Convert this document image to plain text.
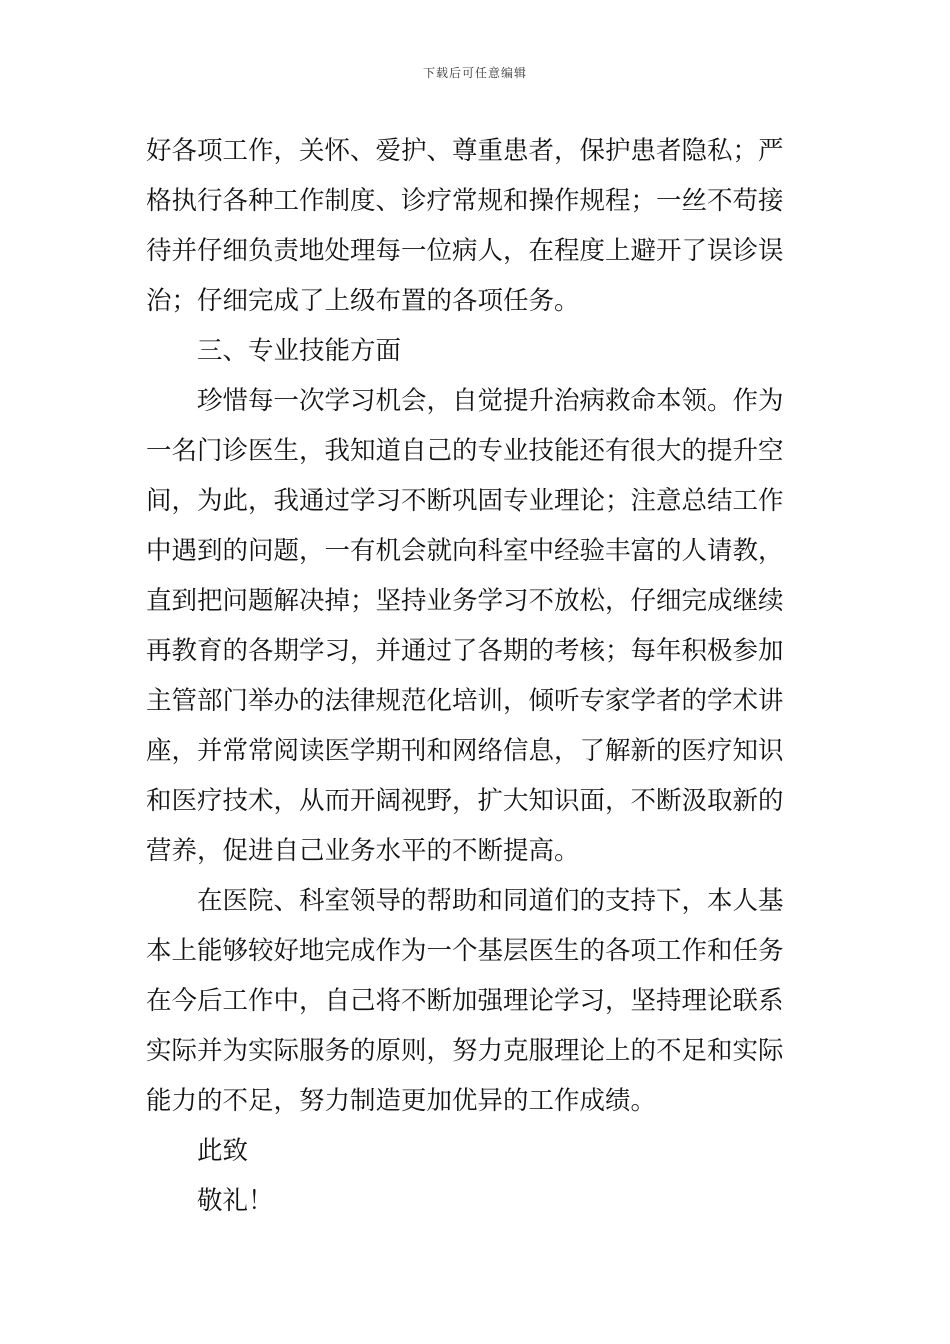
下载后可任意编辑
好各项工作，关怀、爱护、尊重患者，保护患者隐私；严
格执行各种工作制度、诊疗常规和操作规程；一丝不苟接
待并仔细负责地处理每一位病人，在程度上避开了误诊误
治；仔细完成了上级布置的各项任务。
三、专业技能方面
珍惜每一次学习机会，自觉提升治病救命本领。作为
一名门诊医生，我知道自己的专业技能还有很大的提升空
间，为此，我通过学习不断巩固专业理论；注意总结工作
中遇到的问题，一有机会就向科室中经验丰富的人请教，
直到把问题解决掉；坚持业务学习不放松，仔细完成继续
再教育的各期学习，并通过了各期的考核；每年积极参加
主管部门举办的法律规范化培训，倾听专家学者的学术讲
座，并常常阅读医学期刊和网络信息，了解新的医疗知识
和医疗技术，从而开阔视野，扩大知识面，不断汲取新的
营养，促进自己业务水平的不断提高。
在医院、科室领导的帮助和同道们的支持下，本人基
本上能够较好地完成作为一个基层医生的各项工作和任务
在今后工作中，自己将不断加强理论学习，坚持理论联系
实际并为实际服务的原则，努力克服理论上的不足和实际
能力的不足，努力制造更加优异的工作成绩。
此致
敬礼！
